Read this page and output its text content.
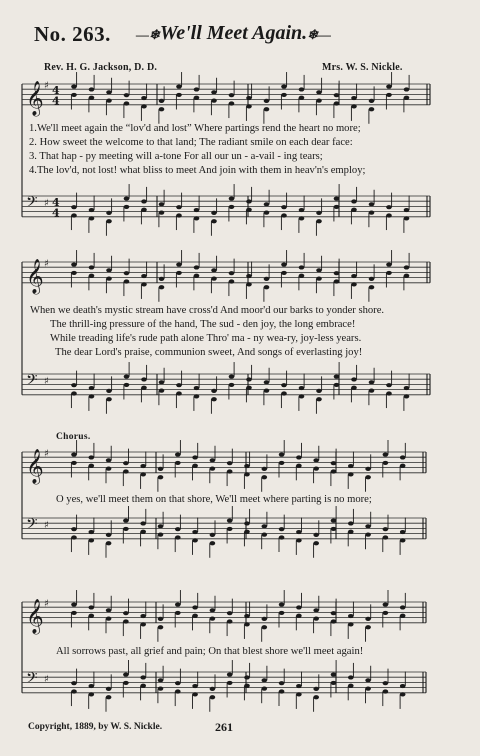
No. 263. —❄We'll Meet Again.❄—
Rev. H. G. Jackson, D. D.	Mrs. W. S. Nickle.
𝄞 ♯ 4
4
𝄢 ♯ 4
4
𝄞 ♯
𝄢 ♯
𝄞 ♯
𝄢 ♯
𝄞 ♯
𝄢 ♯
1.We'll meet again the “lov'd and lost” Where partings rend the heart no more;
2. How sweet the welcome to that land; The radiant smile on each dear face:
3. That hap - py meeting will a-tone For all our un - a-vail - ing tears;
4.The lov'd, not lost! what bliss to meet And join with them in heav'n's employ;
When we death's mystic stream have cross'd And moor'd our barks to yonder shore.
The thrill-ing pressure of the hand, The sud - den joy, the long embrace!
While treading life's rude path alone Thro' ma - ny wea-ry, joy-less years.
The dear Lord's praise, communion sweet, And songs of everlasting joy!
Chorus.
O yes, we'll meet them on that shore, We'll meet where parting is no more;
All sorrows past, all grief and pain; On that blest shore we'll meet again!
Copyright, 1889, by W. S. Nickle.	261
